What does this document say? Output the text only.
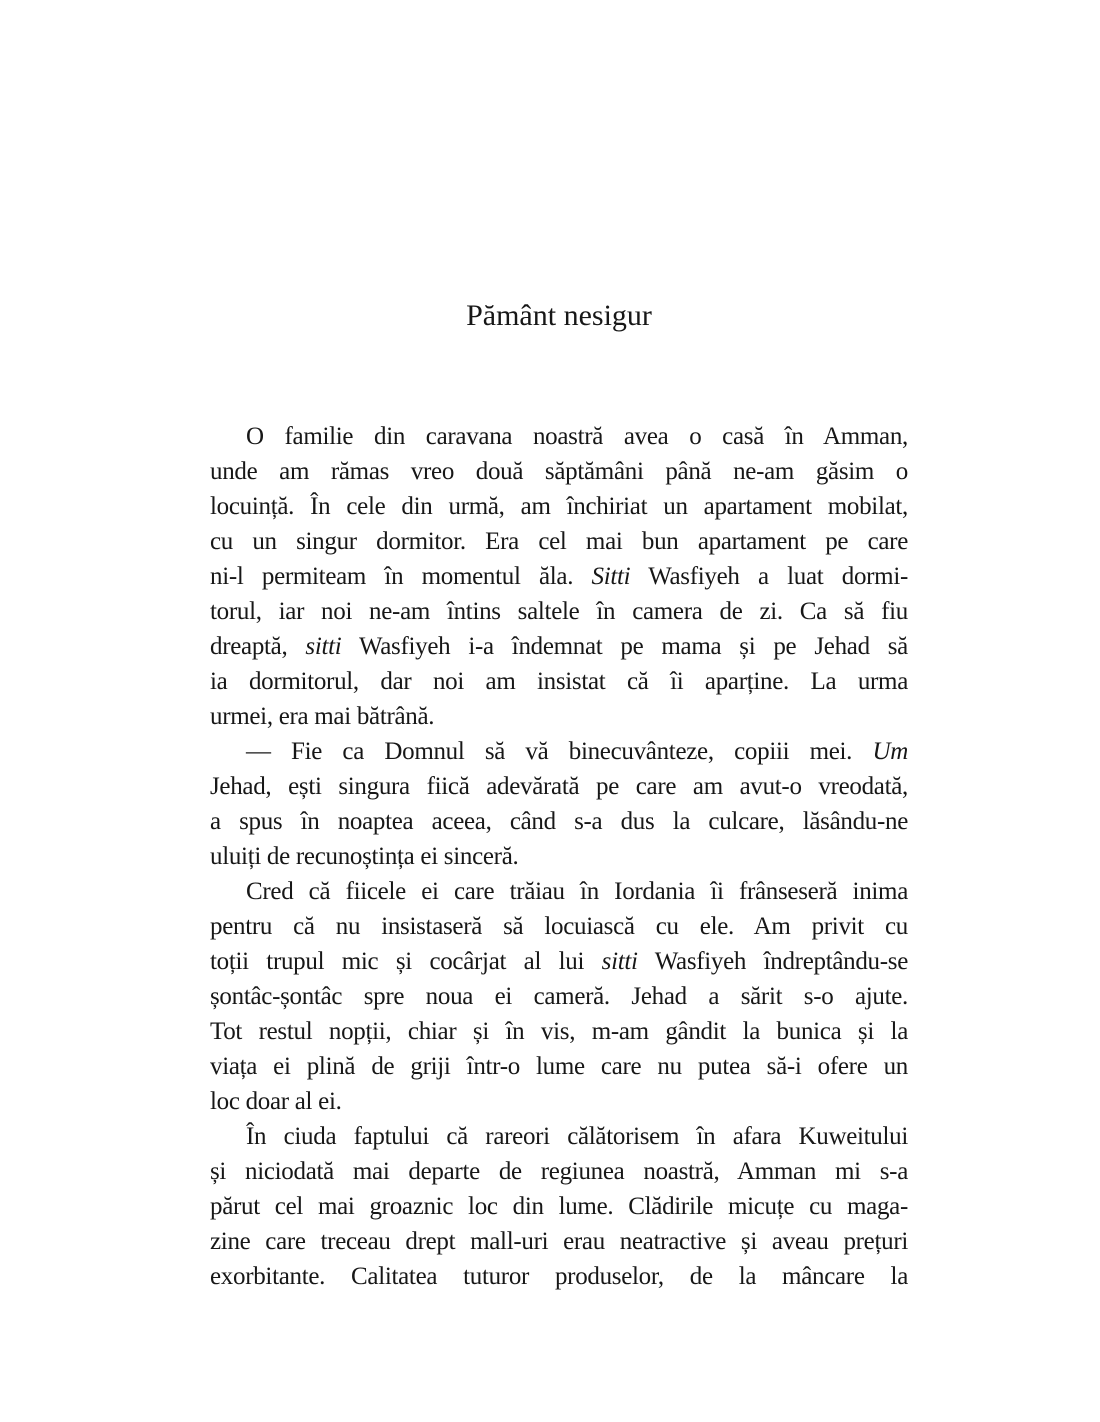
Pământ nesigur
O familie din caravana noastră avea o casă în Amman,
unde am rămas vreo două săptămâni până ne-am găsim o
locuință. În cele din urmă, am închiriat un apartament mobilat,
cu un singur dormitor. Era cel mai bun apartament pe care
ni-l permiteam în momentul ăla. Sitti Wasfiyeh a luat dormi-
torul, iar noi ne-am întins saltele în camera de zi. Ca să fiu
dreaptă, sitti Wasfiyeh i-a îndemnat pe mama și pe Jehad să
ia dormitorul, dar noi am insistat că îi aparține. La urma
urmei, era mai bătrână.
— Fie ca Domnul să vă binecuvânteze, copiii mei. Um
Jehad, ești singura fiică adevărată pe care am avut-o vreodată,
a spus în noaptea aceea, când s-a dus la culcare, lăsându-ne
uluiți de recunoștința ei sinceră.
Cred că fiicele ei care trăiau în Iordania îi frânseseră inima
pentru că nu insistaseră să locuiască cu ele. Am privit cu
toții trupul mic și cocârjat al lui sitti Wasfiyeh îndreptându-se
șontâc-șontâc spre noua ei cameră. Jehad a sărit s-o ajute.
Tot restul nopții, chiar și în vis, m-am gândit la bunica și la
viața ei plină de griji într-o lume care nu putea să-i ofere un
loc doar al ei.
În ciuda faptului că rareori călătorisem în afara Kuweitului
și niciodată mai departe de regiunea noastră, Amman mi s-a
părut cel mai groaznic loc din lume. Clădirile micuțe cu maga-
zine care treceau drept mall-uri erau neatractive și aveau prețuri
exorbitante. Calitatea tuturor produselor, de la mâncare la
